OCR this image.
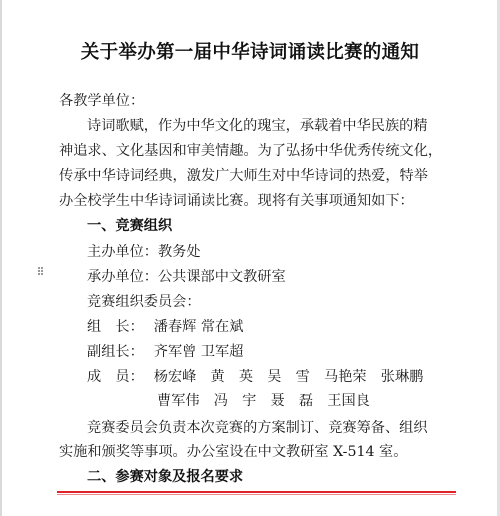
关于举办第一届中华诗词诵读比赛的通知
各教学单位：
诗词歌赋，作为中华文化的瑰宝，承载着中华民族的精
神追求、文化基因和审美情趣。为了弘扬中华优秀传统文化，
传承中华诗词经典，激发广大师生对中华诗词的热爱，特举
办全校学生中华诗词诵读比赛。现将有关事项通知如下：
一、竞赛组织
主办单位：教务处
承办单位：公共课部中文教研室
竞赛组织委员会：
组　长： 潘春辉 常在斌
副组长： 齐军曾 卫军超
成　员： 杨宏峰　黄　英　吴　雪　马艳荣　张琳鹏
曹军伟　冯　宇　聂　磊　王国良
竞赛委员会负责本次竞赛的方案制订、竞赛筹备、组织
实施和颁奖等事项。办公室设在中文教研室 X-514 室。
二、参赛对象及报名要求
